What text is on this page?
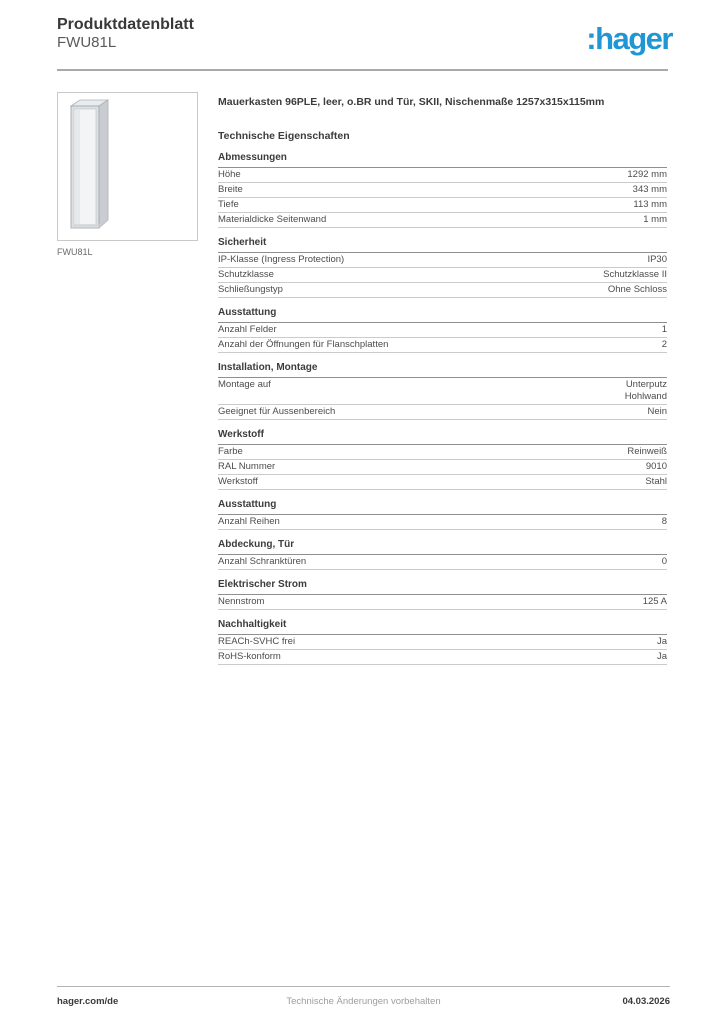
Produktdatenblatt
FWU81L	:hager
FWU81L
Mauerkasten 96PLE, leer, o.BR und Tür, SKII, Nischenmaße 1257x315x115mm
Technische Eigenschaften
Abmessungen
Höhe	1292 mm
Breite	343 mm
Tiefe	113 mm
Materialdicke Seitenwand	1 mm
Sicherheit
IP-Klasse (Ingress Protection)	IP30
Schutzklasse	Schutzklasse II
Schließungstyp	Ohne Schloss
Ausstattung
Anzahl Felder	1
Anzahl der Öffnungen für Flanschplatten	2
Installation, Montage
Montage auf	Unterputz
Hohlwand
Geeignet für Aussenbereich	Nein
Werkstoff
Farbe	Reinweiß
RAL Nummer	9010
Werkstoff	Stahl
Ausstattung
Anzahl Reihen	8
Abdeckung, Tür
Anzahl Schranktüren	0
Elektrischer Strom
Nennstrom	125 A
Nachhaltigkeit
REACh-SVHC frei	Ja
RoHS-konform	Ja
hager.com/de	Technische Änderungen vorbehalten	04.03.2026
